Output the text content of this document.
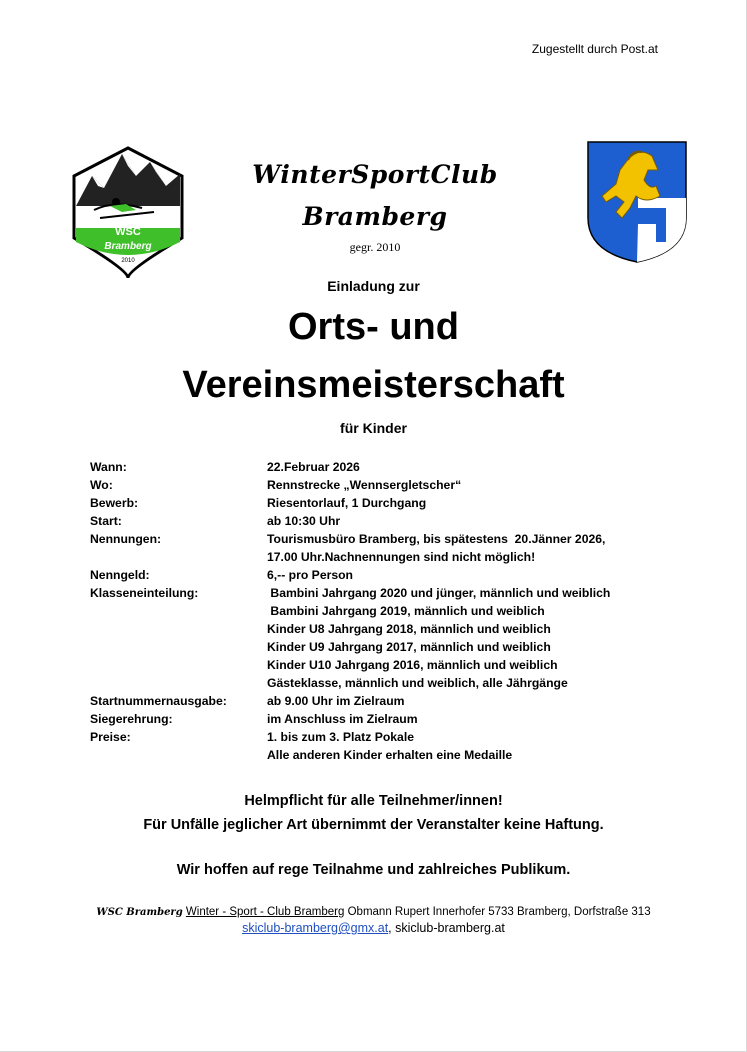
Zugestellt durch Post.at
WSC
Bramberg
2010
WinterSportClub
Bramberg
gegr. 2010
Einladung zur
Orts- und
Vereinsmeisterschaft
für Kinder
Wann:	22.Februar 2026
Wo:	Rennstrecke „Wennsergletscher“
Bewerb:	Riesentorlauf, 1 Durchgang
Start:	ab 10:30 Uhr
Nennungen:	Tourismusbüro Bramberg, bis spätestens  20.Jänner 2026,
17.00 Uhr.Nachnennungen sind nicht möglich!
Nenngeld:	6,-- pro Person
Klasseneinteilung:	Bambini Jahrgang 2020 und jünger, männlich und weiblich
Bambini Jahrgang 2019, männlich und weiblich
Kinder U8 Jahrgang 2018, männlich und weiblich
Kinder U9 Jahrgang 2017, männlich und weiblich
Kinder U10 Jahrgang 2016, männlich und weiblich
Gästeklasse, männlich und weiblich, alle Jährgänge
Startnummernausgabe:	ab 9.00 Uhr im Zielraum
Siegerehrung:	im Anschluss im Zielraum
Preise:	1. bis zum 3. Platz Pokale
Alle anderen Kinder erhalten eine Medaille
Helmpflicht für alle Teilnehmer/innen!
Für Unfälle jeglicher Art übernimmt der Veranstalter keine Haftung.
Wir hoffen auf rege Teilnahme und zahlreiches Publikum.
WSC Bramberg Winter - Sport - Club Bramberg Obmann Rupert Innerhofer 5733 Bramberg, Dorfstraße 313
skiclub-bramberg@gmx.at, skiclub-bramberg.at
